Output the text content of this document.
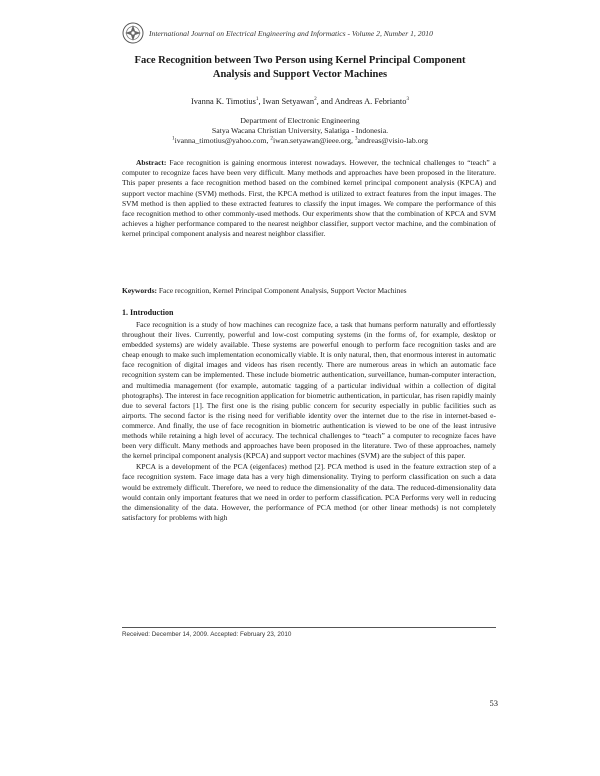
International Journal on Electrical Engineering and Informatics - Volume 2, Number 1, 2010
Face Recognition between Two Person using Kernel Principal Component
Analysis and Support Vector Machines
Ivanna K. Timotius$^1$, Iwan Setyawan$^2$, and Andreas A. Febrianto$^3$
Department of Electronic Engineering
Satya Wacana Christian University, Salatiga - Indonesia.
$^1$ivanna_timotius@yahoo.com, $^2$iwan.setyawan@ieee.org, $^3$andreas@visio-lab.org
Abstract: Face recognition is gaining enormous interest nowadays. However, the technical challenges to “teach” a computer to recognize faces have been very difficult. Many methods and approaches have been proposed in the literature. This paper presents a face recognition method based on the combined kernel principal component analysis (KPCA) and support vector machine (SVM) methods. First, the KPCA method is utilized to extract features from the input images. The SVM method is then applied to these extracted features to classify the input images. We compare the performance of this face recognition method to other commonly-used methods. Our experiments show that the combination of KPCA and SVM achieves a higher performance compared to the nearest neighbor classifier, support vector machine, and the combination of kernel principal component analysis and nearest neighbor classifier.
Keywords: Face recognition, Kernel Principal Component Analysis, Support Vector Machines
1. Introduction

Face recognition is a study of how machines can recognize face, a task that humans perform naturally and effortlessly throughout their lives. Currently, powerful and low-cost computing systems (in the forms of, for example, desktop or embedded systems) are widely available. These systems are powerful enough to perform face recognition tasks and are cheap enough to make such implementation economically viable. It is only natural, then, that enormous interest in automatic face recognition of digital images and videos has risen recently. There are numerous areas in which an automatic face recognition system can be implemented. These include biometric authentication, surveillance, human-computer interaction, and multimedia management (for example, automatic tagging of a particular individual within a collection of digital photographs). The interest in face recognition application for biometric authentication, in particular, has risen rapidly mainly due to several factors [1]. The first one is the rising public concern for security especially in public facilities such as airports. The second factor is the rising need for verifiable identity over the internet due to the rise in internet-based e-commerce. And finally, the use of face recognition in biometric authentication is viewed to be one of the least intrusive methods while retaining a high level of accuracy. The technical challenges to “teach” a computer to recognize faces have been very difficult. Many methods and approaches have been proposed in the literature. Two of these approaches, namely the kernel principal component analysis (KPCA) and support vector machines (SVM) are the subject of this paper.

KPCA is a development of the PCA (eigenfaces) method [2]. PCA method is used in the feature extraction step of a face recognition system. Face image data has a very high dimensionality. Trying to perform classification on such a data would be extremely difficult. Therefore, we need to reduce the dimensionality of the data. The reduced-dimensionality data would contain only important features that we need in order to perform classification. PCA Performs very well in reducing the dimensionality of the data. However, the performance of PCA method (or other linear methods) is not completely satisfactory for problems with high

Received: December 14, 2009. Accepted: February 23, 2010
53
